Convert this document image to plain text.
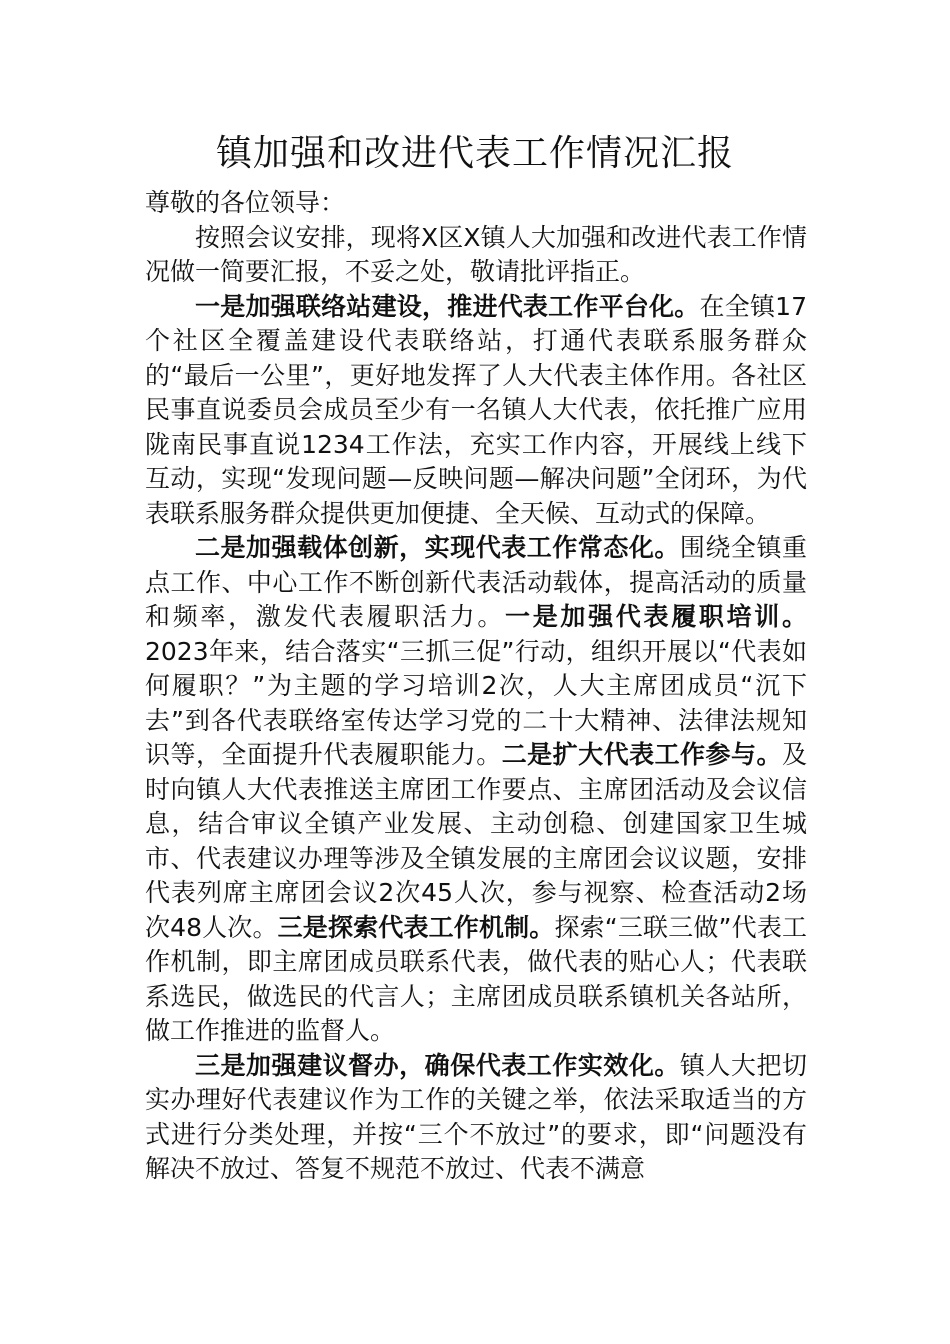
镇加强和改进代表工作情况汇报

尊敬的各位领导：

按照会议安排，现将X区X镇人大加强和改进代表工作情况做一简要汇报，不妥之处，敬请批评指正。

一是加强联络站建设，推进代表工作平台化。在全镇17个社区全覆盖建设代表联络站，打通代表联系服务群众的“最后一公里”，更好地发挥了人大代表主体作用。各社区民事直说委员会成员至少有一名镇人大代表，依托推广应用陇南民事直说1234工作法，充实工作内容，开展线上线下互动，实现“发现问题—反映问题—解决问题”全闭环，为代表联系服务群众提供更加便捷、全天候、互动式的保障。

二是加强载体创新，实现代表工作常态化。围绕全镇重点工作、中心工作不断创新代表活动载体，提高活动的质量和频率，激发代表履职活力。一是加强代表履职培训。2023年来，结合落实“三抓三促”行动，组织开展以“代表如何履职？”为主题的学习培训2次，人大主席团成员“沉下去”到各代表联络室传达学习党的二十大精神、法律法规知识等，全面提升代表履职能力。二是扩大代表工作参与。及时向镇人大代表推送主席团工作要点、主席团活动及会议信息，结合审议全镇产业发展、主动创稳、创建国家卫生城市、代表建议办理等涉及全镇发展的主席团会议议题，安排代表列席主席团会议2次45人次，参与视察、检查活动2场次48人次。三是探索代表工作机制。探索“三联三做”代表工作机制，即主席团成员联系代表，做代表的贴心人；代表联系选民，做选民的代言人；主席团成员联系镇机关各站所，做工作推进的监督人。

三是加强建议督办，确保代表工作实效化。镇人大把切实办理好代表建议作为工作的关键之举，依法采取适当的方式进行分类处理，并按“三个不放过”的要求，即“问题没有解决不放过、答复不规范不放过、代表不满意
